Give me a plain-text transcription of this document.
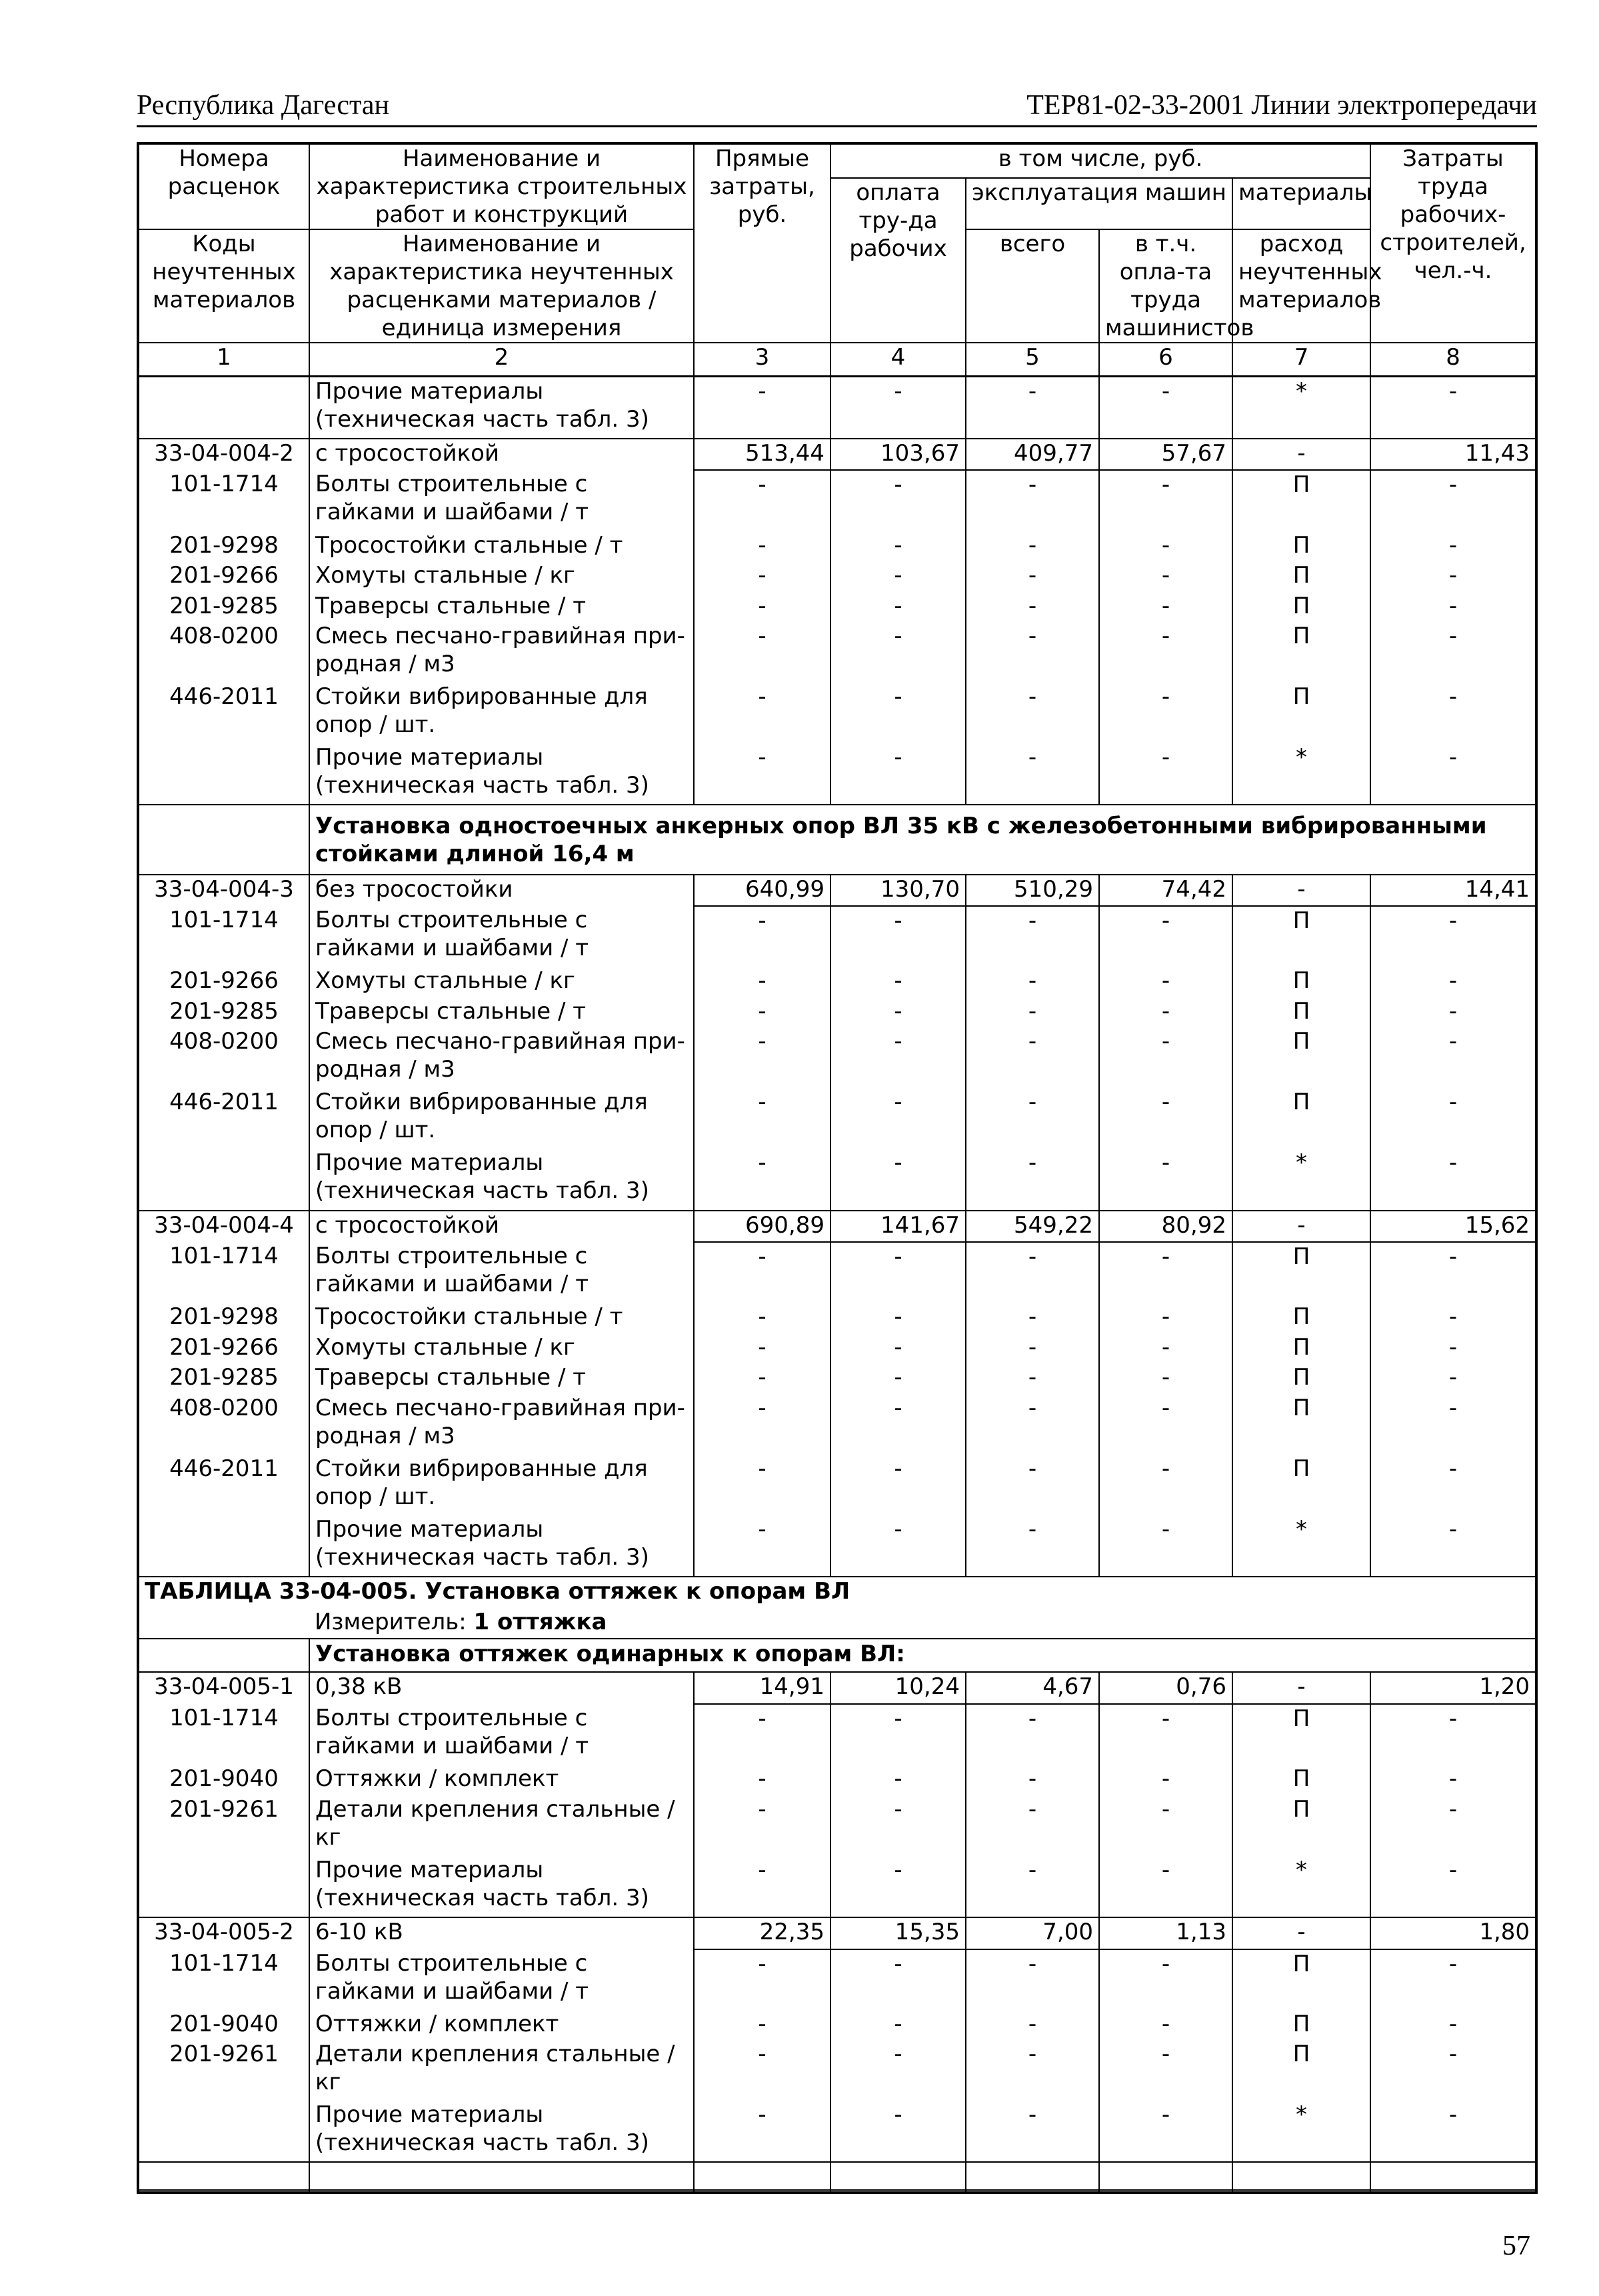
Республика Дагестан	ТЕР81-02-33-2001 Линии электропередачи
Номера расценок	Наименование и характеристика строительных работ и конструкций	Прямые затраты, руб.	в том числе, руб.				Затраты труда рабочих-строителей, чел.-ч.
			оплата тру-да рабочих	эксплуатация машин		материалы	
Коды неучтенных материалов	Наименование и характеристика неучтенных расценками материалов / единица измерения			всего	в т.ч. опла-та труда машинистов	расход неучтенных материалов	

1	2	3	4	5	6	7	8
	Прочие материалы (техническая часть табл. 3)	-	-	-	-	*	-
33-04-004-2	с тросостойкой	513,44	103,67	409,77	57,67	-	11,43
101-1714	Болты строительные с гайками и шайбами / т	-	-	-	-	П	-
201-9298	Тросостойки стальные / т	-	-	-	-	П	-
201-9266	Хомуты стальные / кг	-	-	-	-	П	-
201-9285	Траверсы стальные / т	-	-	-	-	П	-
408-0200	Смесь песчано-гравийная при-родная / м3	-	-	-	-	П	-
446-2011	Стойки вибрированные для опор / шт.	-	-	-	-	П	-
	Прочие материалы (техническая часть табл. 3)	-	-	-	-	*	-
	Установка одностоечных анкерных опор ВЛ 35 кВ с железобетонными вибрированными стойками длиной 16,4 м						
33-04-004-3	без тросостойки	640,99	130,70	510,29	74,42	-	14,41
101-1714	Болты строительные с гайками и шайбами / т	-	-	-	-	П	-
201-9266	Хомуты стальные / кг	-	-	-	-	П	-
201-9285	Траверсы стальные / т	-	-	-	-	П	-
408-0200	Смесь песчано-гравийная при-родная / м3	-	-	-	-	П	-
446-2011	Стойки вибрированные для опор / шт.	-	-	-	-	П	-
	Прочие материалы (техническая часть табл. 3)	-	-	-	-	*	-
33-04-004-4	с тросостойкой	690,89	141,67	549,22	80,92	-	15,62
101-1714	Болты строительные с гайками и шайбами / т	-	-	-	-	П	-
201-9298	Тросостойки стальные / т	-	-	-	-	П	-
201-9266	Хомуты стальные / кг	-	-	-	-	П	-
201-9285	Траверсы стальные / т	-	-	-	-	П	-
408-0200	Смесь песчано-гравийная при-родная / м3	-	-	-	-	П	-
446-2011	Стойки вибрированные для опор / шт.	-	-	-	-	П	-
	Прочие материалы (техническая часть табл. 3)	-	-	-	-	*	-
ТАБЛИЦА 33-04-005. Установка оттяжек к опорам ВЛ							
	Измеритель: 1 оттяжка						
	Установка оттяжек одинарных к опорам ВЛ:						
33-04-005-1	0,38 кВ	14,91	10,24	4,67	0,76	-	1,20
101-1714	Болты строительные с гайками и шайбами / т	-	-	-	-	П	-
201-9040	Оттяжки / комплект	-	-	-	-	П	-
201-9261	Детали крепления стальные / кг	-	-	-	-	П	-
	Прочие материалы (техническая часть табл. 3)	-	-	-	-	*	-
33-04-005-2	6-10 кВ	22,35	15,35	7,00	1,13	-	1,80
101-1714	Болты строительные с гайками и шайбами / т	-	-	-	-	П	-
201-9040	Оттяжки / комплект	-	-	-	-	П	-
201-9261	Детали крепления стальные / кг	-	-	-	-	П	-
	Прочие материалы (техническая часть табл. 3)	-	-	-	-	*	-

57
